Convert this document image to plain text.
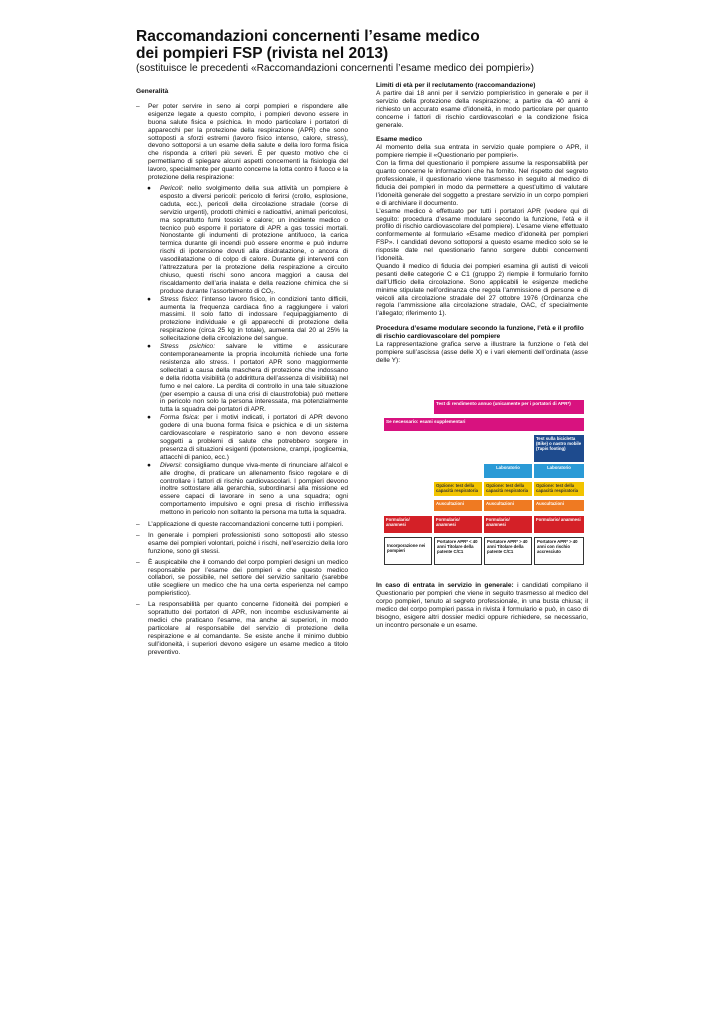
Raccomandazioni concernenti l’esame medico
dei pompieri FSP (rivista nel 2013)
(sostituisce le precedenti «Raccomandazioni concernenti l’esame medico dei pompieri»)

Generalità

– Per poter servire in seno ai corpi pompieri e rispondere alle esigenze legate a questo compito, i pompieri devono essere in buona salute fisica e psichica. In modo particolare i portatori di apparecchi per la protezione della respirazione (APR) che sono sottoposti a sforzi estremi (lavoro fisico intenso, calore, stress), devono sottoporsi a un esame della salute e della loro forma fisica che risponda a criteri più severi. È per questo motivo che ci permettiamo di spiegare alcuni aspetti concernenti la fisiologia del lavoro, specialmente per quanto concerne la lotta contro il fuoco e la protezione della respirazione:
● Pericoli: nello svolgimento della sua attività un pompiere è esposto a diversi pericoli: pericolo di ferirsi (crollo, esplosione, caduta, ecc.), pericoli della circolazione stradale (corse di servizio urgenti), prodotti chimici e radioattivi, animali pericolosi, ma soprattutto fumi tossici e calore; un incidente medico o tecnico può esporre il portatore di APR a gas tossici mortali. Nonostante gli indumenti di protezione antifuoco, la carica termica durante gli incendi può essere enorme e può indurre rischi di ipotensione dovuti alla disidratazione, o ancora di vasodilatazione o di colpo di calore. Durante gli interventi con l’attrezzatura per la protezione della respirazione a circuito chiuso, questi rischi sono ancora maggiori a causa del riscaldamento dell’aria inalata e della reazione chimica che si produce durante l’assorbimento di CO₂.
● Stress fisico: l’intenso lavoro fisico, in condizioni tanto difficili, aumenta la frequenza cardiaca fino a raggiungere i valori massimi. Il solo fatto di indossare l’equipaggiamento di protezione individuale e gli apparecchi di protezione della respirazione (circa 25 kg in totale), aumenta dal 20 al 25% la sollecitazione della circolazione del sangue.
● Stress psichico: salvare le vittime e assicurare contemporaneamente la propria incolumità richiede una forte resistenza allo stress. I portatori APR sono maggiormente sollecitati a causa della maschera di protezione che indossano e della ridotta visibilità (o addirittura dell’assenza di visibilità) nel fumo e nel calore. La perdita di controllo in una tale situazione (per esempio a causa di una crisi di claustrofobia) può mettere in pericolo non solo la persona interessata, ma potenzialmente tutta la squadra dei portatori di APR.
● Forma fisica: per i motivi indicati, i portatori di APR devono godere di una buona forma fisica e psichica e di un sistema cardiovascolare e respiratorio sano e non devono essere soggetti a problemi di salute che potrebbero sorgere in presenza di situazioni esigenti (ipotensione, crampi, ipoglicemia, attacchi di panico, ecc.)
● Diversi: consigliamo dunque viva-mente di rinunciare all’alcol e alle droghe, di praticare un allenamento fisico regolare e di controllare i fattori di rischio cardiovascolari. I pompieri devono inoltre sottostare alla gerarchia, subordinarsi alla missione ed essere capaci di lavorare in seno a una squadra; ogni comportamento impulsivo e ogni presa di rischio irriflessiva mettono in pericolo non soltanto la persona ma tutta la squadra.
– L’applicazione di queste raccomandazioni concerne tutti i pompieri.
– In generale i pompieri professionisti sono sottoposti allo stesso esame dei pompieri volontari, poiché i rischi, nell’esercizio della loro funzione, sono gli stessi.
– È auspicabile che il comando del corpo pompieri designi un medico responsabile per l’esame dei pompieri e che questo medico collabori, se possibile, nel settore del servizio sanitario (sarebbe utile scegliere un medico che ha una certa esperienza nel campo pompieristico).
– La responsabilità per quanto concerne l’idoneità dei pompieri e soprattutto dei portatori di APR, non incombe esclusivamente ai medici che praticano l’esame, ma anche ai superiori, in modo particolare al responsabile del servizio di protezione della respirazione e al comandante. Se esiste anche il minimo dubbio sull’idoneità, i superiori devono esigere un esame medico a titolo preventivo.

Limiti di età per il reclutamento (raccomandazione)

A partire dai 18 anni per il servizio pompieristico in generale e per il servizio della protezione della respirazione; a partire da 40 anni è richiesto un accurato esame d’idoneità, in modo particolare per quanto concerne i fattori di rischio cardiovascolari e la condizione fisica generale.

Esame medico

Al momento della sua entrata in servizio quale pompiere o APR, il pompiere riempie il «Questionario per pompieri».

Con la firma del questionario il pompiere assume la responsabilità per quanto concerne le informazioni che ha fornito. Nel rispetto del segreto professionale, il questionario viene trasmesso in seguito al medico di fiducia dei pompieri in modo da permettere a quest’ultimo di valutare l’idoneità generale del soggetto a prestare servizio in un corpo pompieri e di archiviare il documento.

L’esame medico è effettuato per tutti i portatori APR (vedere qui di seguito: procedura d’esame modulare secondo la funzione, l’età e il profilo di rischio cardiovascolare del pompiere). L’esame viene effettuato conformemente al formulario «Esame medico d’idoneità per pompieri FSP». I candidati devono sottoporsi a questo esame medico solo se le risposte date nel questionario fanno sorgere dubbi concernenti l’idoneità.

Quando il medico di fiducia dei pompieri esamina gli autisti di veicoli pesanti delle categorie C e C1 (gruppo 2) riempie il formulario fornito dall’Ufficio della circolazione. Sono applicabili le esigenze mediche minime stipulate nell’ordinanza che regola l’ammissione di persone e di veicoli alla circolazione stradale del 27 ottobre 1976 (Ordinanza che regola l’ammissione alla circolazione stradale, OAC, cf specialmente l’allegato; riferimento 1).

Procedura d’esame modulare secondo la funzione, l’età e il profilo di rischio cardiovascolare del pompiere

La rappresentazione grafica serve a illustrare la funzione o l’età del pompiere sull’ascissa (asse delle X) e i vari elementi dell’ordinata (asse delle Y):

Test di rendimento annuo (unicamente per i portatori di APR*)
Se necessario: esami supplementari
Test sulla bicicletta (Bike) o nastro mobile (Tapis footing)
Laboratorio	Laboratorio
Opzione: test della capacità respiratoria
Opzione: test della capacità respiratoria
Opzione: test della capacità respiratoria
Auscultazioni	Auscultazioni	Auscultazioni
Formulario/ anamnesi
Formulario/ anamnesi
Formulario/ anamnesi
Formulario/ anamnesi
Incorporazione nei pompieri
Portatore APR* < 40 anni Titolare della patente C/C1
Portatore APR* > 40 anni Titolare della patente C/C1
Portatore APR* > 40 anni con rischio accresciuto

In caso di entrata in servizio in generale: i candidati compilano il Questionario per pompieri che viene in seguito trasmesso al medico del corpo pompieri, tenuto al segreto professionale, in una busta chiusa; il medico del corpo pompieri passa in rivista il formulario e può, in caso di bisogno, esigere altri dossier medici oppure richiedere, se necessario, un incontro personale e un esame.
